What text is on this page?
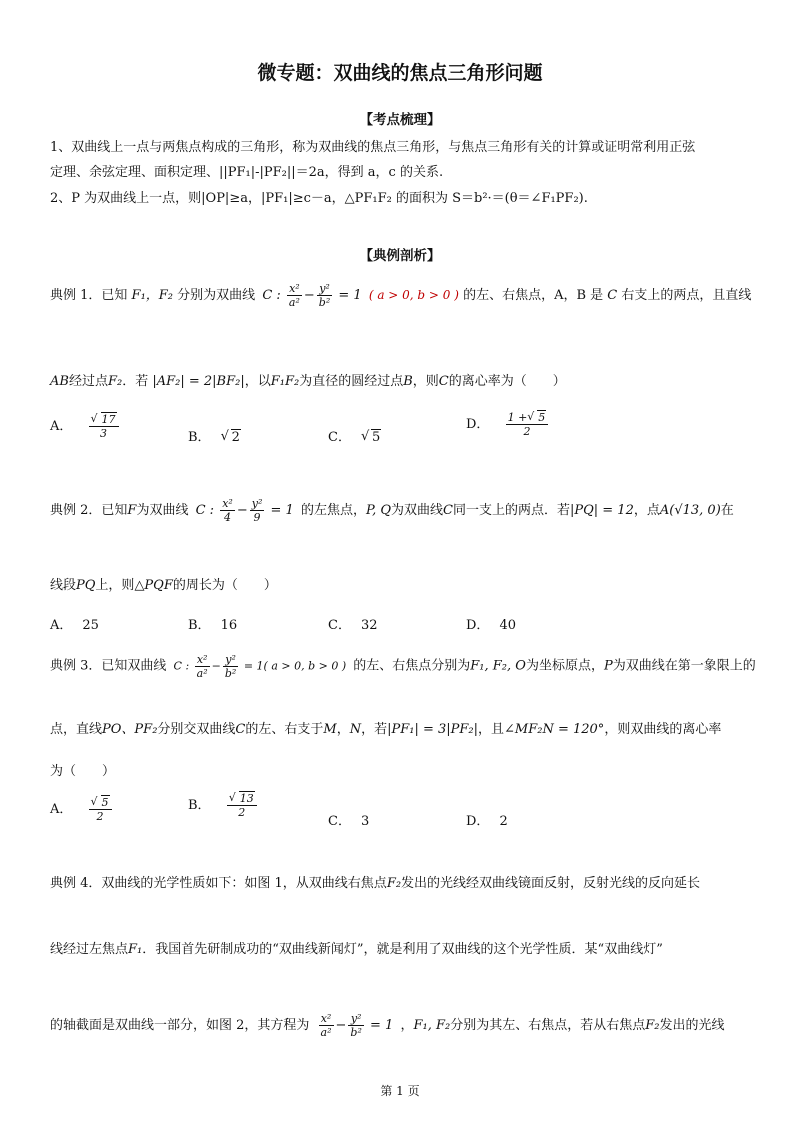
微专题：双曲线的焦点三角形问题
【考点梳理】
1、双曲线上一点与两焦点构成的三角形，称为双曲线的焦点三角形，与焦点三角形有关的计算或证明常利用正弦
定理、余弦定理、面积定理、||PF₁|-|PF₂||＝2a，得到 a，c 的关系.
2、P 为双曲线上一点，则|OP|≥a，|PF₁|≥c－a，△PF₁F₂ 的面积为 S＝b²·＝(θ＝∠F₁PF₂).
【典例剖析】
典例 1．已知 F₁，F₂ 分别为双曲线 C : $\frac{\text{x²}}{\text{a²}} - \frac{\text{y²}}{\text{b²}} = 1$ ( a > 0, b > 0 ) 的左、右焦点，A，B 是 C 右支上的两点，且直线
AB经过点F₂．若 |AF₂| = 2|BF₂|，以F₁F₂为直径的圆经过点B，则C的离心率为（　　）
A． √ $\frac{17}{3}$	B． √ 2	C． √ 5
D． $\frac{1 + √ 5}{2}$
典例 2．已知F为双曲线 C : $\frac{\text{x²}}{4} - \frac{\text{y²}}{9} = 1$ 的左焦点，P, Q为双曲线C同一支上的两点．若|PQ| = 12，点A(√13, 0)在
线段PQ上，则△PQF的周长为（　　）
A． 25	B． 16	C． 32	D． 40
典例 3．已知双曲线 C : $\frac{\text{x²}}{\text{a²}} - \frac{\text{y²}}{\text{b²}} = 1$( a > 0, b > 0 ) 的左、右焦点分别为F₁, F₂, O为坐标原点，P为双曲线在第一象限上的
点，直线PO、PF₂分别交双曲线C的左、右支于M，N，若|PF₁| = 3|PF₂|，且∠MF₂N = 120°，则双曲线的离心率
为（　　）
A． √ $\frac{5}{2}$	B． √ $\frac{13}{2}$
C． 3	D． 2
典例 4．双曲线的光学性质如下：如图 1，从双曲线右焦点F₂发出的光线经双曲线镜面反射，反射光线的反向延长
线经过左焦点F₁．我国首先研制成功的“双曲线新闻灯”，就是利用了双曲线的这个光学性质．某“双曲线灯”
的轴截面是双曲线一部分，如图 2，其方程为 $\frac{\text{x²}}{\text{a²}} - \frac{\text{y²}}{\text{b²}} = 1$ ，F₁, F₂分别为其左、右焦点，若从右焦点F₂发出的光线
第 1 页
